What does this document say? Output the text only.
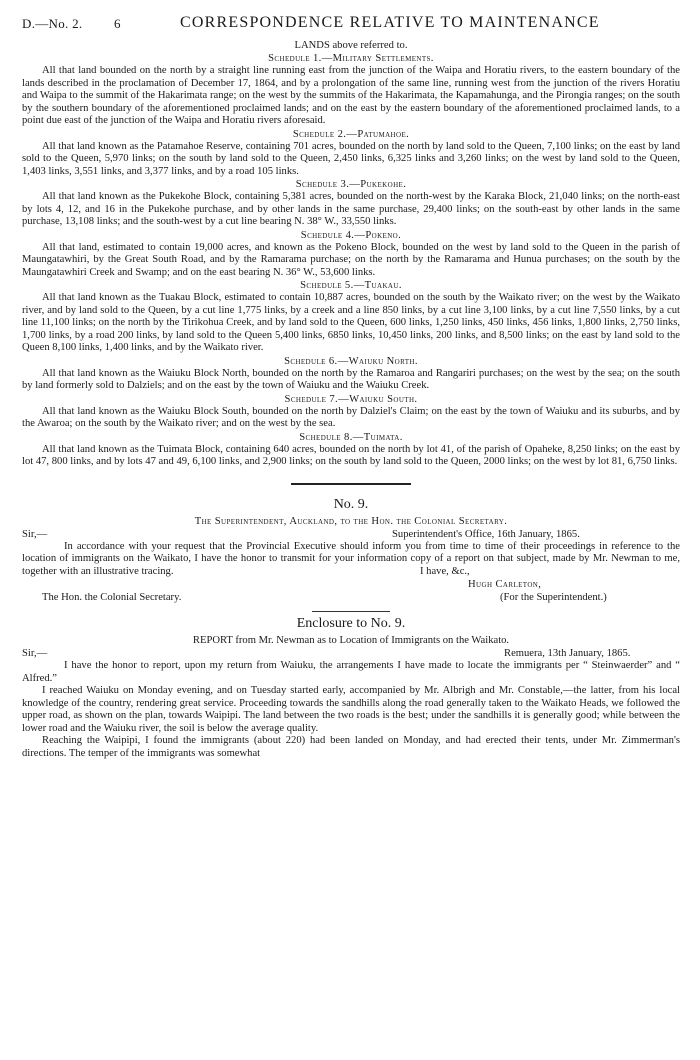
D.—No. 2. 6	CORRESPONDENCE RELATIVE TO MAINTENANCE
LANDS above referred to.
Schedule 1.—Military Settlements.

All that land bounded on the north by a straight line running east from the junction of the Waipa and Horatiu rivers, to the eastern boundary of the lands described in the proclamation of December 17, 1864, and by a prolongation of the same line, running west from the junction of the rivers Horatiu and Waipa to the summit of the Hakarimata range; on the west by the summits of the Hakarimata, the Kapamahunga, and the Pirongia ranges; on the south by the southern boundary of the aforementioned proclaimed lands; and on the east by the eastern boundary of the aforementioned proclaimed lands, to a point due east of the junction of the Waipa and Horatiu rivers aforesaid.

Schedule 2.—Patumahoe.

All that land known as the Patamahoe Reserve, containing 701 acres, bounded on the north by land sold to the Queen, 7,100 links; on the east by land sold to the Queen, 5,970 links; on the south by land sold to the Queen, 2,450 links, 6,325 links and 3,260 links; on the west by land sold to the Queen, 1,403 links, 3,551 links, and 3,377 links, and by a road 105 links.

Schedule 3.—Pukekohe.

All that land known as the Pukekohe Block, containing 5,381 acres, bounded on the north-west by the Karaka Block, 21,040 links; on the north-east by lots 4, 12, and 16 in the Pukekohe purchase, and by other lands in the same purchase, 29,400 links; on the south-east by other lands in the same purchase, 13,108 links; and the south-west by a cut line bearing N. 38° W., 33,550 links.

Schedule 4.—Pokeno.

All that land, estimated to contain 19,000 acres, and known as the Pokeno Block, bounded on the west by land sold to the Queen in the parish of Maungatawhiri, by the Great South Road, and by the Ramarama purchase; on the north by the Ramarama and Hunua purchases; on the south by the Maungatawhiri Creek and Swamp; and on the east bearing N. 36° W., 53,600 links.

Schedule 5.—Tuakau.

All that land known as the Tuakau Block, estimated to contain 10,887 acres, bounded on the south by the Waikato river; on the west by the Waikato river, and by land sold to the Queen, by a cut line 1,775 links, by a creek and a line 850 links, by a cut line 3,100 links, by a cut line 7,550 links, by a cut line 11,100 links; on the north by the Tirikohua Creek, and by land sold to the Queen, 600 links, 1,250 links, 450 links, 456 links, 1,800 links, 2,750 links, 1,700 links, by a road 200 links, by land sold to the Queen 5,400 links, 6850 links, 10,450 links, 200 links, and 8,500 links; on the east by land sold to the Queen 8,100 links, 1,400 links, and by the Waikato river.

Schedule 6.—Waiuku North.

All that land known as the Waiuku Block North, bounded on the north by the Ramaroa and Rangariri purchases; on the west by the sea; on the south by land formerly sold to Dalziels; and on the east by the town of Waiuku and the Waiuku Creek.

Schedule 7.—Waiuku South.

All that land known as the Waiuku Block South, bounded on the north by Dalziel's Claim; on the east by the town of Waiuku and its suburbs, and by the Awaroa; on the south by the Waikato river; and on the west by the sea.

Schedule 8.—Tuimata.

All that land known as the Tuimata Block, containing 640 acres, bounded on the north by lot 41, of the parish of Opaheke, 8,250 links; on the east by lot 47, 800 links, and by lots 47 and 49, 6,100 links, and 2,900 links; on the south by land sold to the Queen, 2000 links; on the west by lot 81, 6,750 links.

No. 9.
The Superintendent, Auckland, to the Hon. the Colonial Secretary.
Sir,—	Superintendent's Office, 16th January, 1865.

In accordance with your request that the Provincial Executive should inform you from time to time of their proceedings in reference to the location of immigrants on the Waikato, I have the honor to transmit for your information copy of a report on that subject, made by Mr. Newman to me, together with an illustrative tracing.	I have, &c.,
Hugh Carleton,
The Hon. the Colonial Secretary.	(For the Superintendent.)
Enclosure to No. 9.
REPORT from Mr. Newman as to Location of Immigrants on the Waikato.
Sir,—	Remuera, 13th January, 1865.

I have the honor to report, upon my return from Waiuku, the arrangements I have made to locate the immigrants per “ Steinwaerder” and “ Alfred.”

I reached Waiuku on Monday evening, and on Tuesday started early, accompanied by Mr. Albrigh and Mr. Constable,—the latter, from his local knowledge of the country, rendering great service. Proceeding towards the sandhills along the road generally taken to the Waikato Heads, we followed the upper road, as shown on the plan, towards Waipipi. The land between the two roads is the best; under the sandhills it is generally good; while between the lower road and the Waiuku river, the soil is below the average quality.

Reaching the Waipipi, I found the immigrants (about 220) had been landed on Monday, and had erected their tents, under Mr. Zimmerman's directions. The temper of the immigrants was somewhat
